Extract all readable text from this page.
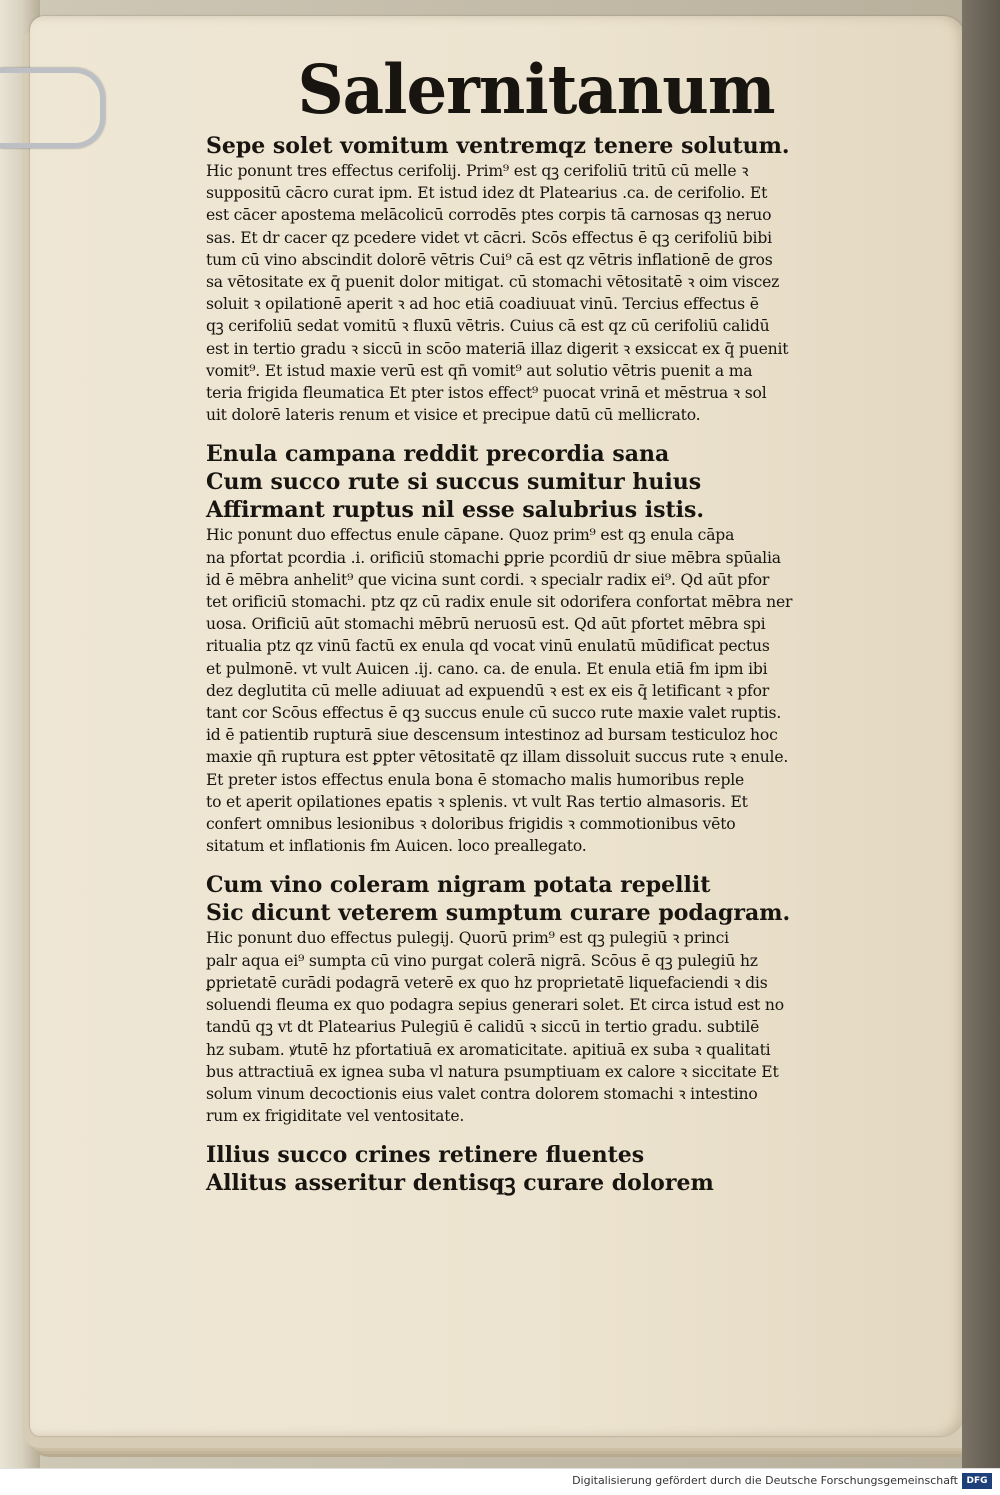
Salernitanum

Sepe solet vomitum ventremqz tenere solutum.

Hic ponunt tres effectus cerifolij. Prim⁹ est qꝫ cerifoliū tritū cū melle ꝛ

suppositū cācro curat ipm. Et istud idez dt Platearius .ca. de cerifolio. Et

est cācer apostema melācolicū corrodēs ptes corpis tā carnosas qꝫ neruo

sas. Et dr cacer qz pcedere videt vt cācri. Scōs effectus ē qꝫ cerifoliū bibi

tum cū vino abscindit dolorē vētris Cui⁹ cā est qz vētris inflationē de gros

sa vētositate ex q̄ puenit dolor mitigat. cū stomachi vētositatē ꝛ oim viscez

soluit ꝛ opilationē aperit ꝛ ad hoc etiā coadiuuat vinū. Tercius effectus ē

qꝫ cerifoliū sedat vomitū ꝛ fluxū vētris. Cuius cā est qz cū cerifoliū calidū

est in tertio gradu ꝛ siccū in scōo materiā illaz digerit ꝛ exsiccat ex q̄ puenit

vomit⁹. Et istud maxie verū est qn̄ vomit⁹ aut solutio vētris puenit a ma

teria frigida fleumatica Et pter istos effect⁹ puocat vrinā et mēstrua ꝛ sol

uit dolorē lateris renum et visice et precipue datū cū mellicrato.

Enula campana reddit precordia sana

Cum succo rute si succus sumitur huius

Affirmant ruptus nil esse salubrius istis.

Hic ponunt duo effectus enule cāpane. Quoz prim⁹ est qꝫ enula cāpa

na pfortat pcordia .i. orificiū stomachi ꝑprie pcordiū dr siue mēbra spūalia

id ē mēbra anhelit⁹ que vicina sunt cordi. ꝛ specialr radix ei⁹. Qd aūt pfor

tet orificiū stomachi. ptz qz cū radix enule sit odorifera confortat mēbra ner

uosa. Orificiū aūt stomachi mēbrū neruosū est. Qd aūt pfortet mēbra spi

ritualia ptz qz vinū factū ex enula qd vocat vinū enulatū mūdificat pectus

et pulmonē. vt vult Auicen .ij. cano. ca. de enula. Et enula etiā ẜm ipm ibi

dez deglutita cū melle adiuuat ad expuendū ꝛ est ex eis q̄ letificant ꝛ pfor

tant cor Scōus effectus ē qꝫ succus enule cū succo rute maxie valet ruptis.

id ē patientib rupturā siue descensum intestinoz ad bursam testiculoz hoc

maxie qn̄ ruptura est ꝑpter vētositatē qz illam dissoluit succus rute ꝛ enule.

Et preter istos effectus enula bona ē stomacho malis humoribus reple

to et aperit opilationes epatis ꝛ splenis. vt vult Ras tertio almasoris. Et

confert omnibus lesionibus ꝛ doloribus frigidis ꝛ commotionibus vēto

sitatum et inflationis ẜm Auicen. loco preallegato.

Cum vino coleram nigram potata repellit

Sic dicunt veterem sumptum curare podagram.

Hic ponunt duo effectus pulegij. Quorū prim⁹ est qꝫ pulegiū ꝛ princi

palr aqua ei⁹ sumpta cū vino purgat colerā nigrā. Scōus ē qꝫ pulegiū hz

ꝑprietatē curādi podagrā veterē ex quo hz proprietatē liquefaciendi ꝛ dis

soluendi fleuma ex quo podagra sepius generari solet. Et circa istud est no

tandū qꝫ vt dt Platearius Pulegiū ē calidū ꝛ siccū in tertio gradu. subtilē

hz subam. ꝟtutē hz pfortatiuā ex aromaticitate. apitiuā ex suba ꝛ qualitati

bus attractiuā ex ignea suba vl natura psumptiuam ex calore ꝛ siccitate Et

solum vinum decoctionis eius valet contra dolorem stomachi ꝛ intestino

rum ex frigiditate vel ventositate.

Illius succo crines retinere fluentes

Allitus asseritur dentisqꝫ curare dolorem

Digitalisierung gefördert durch die Deutsche Forschungsgemeinschaft DFG
